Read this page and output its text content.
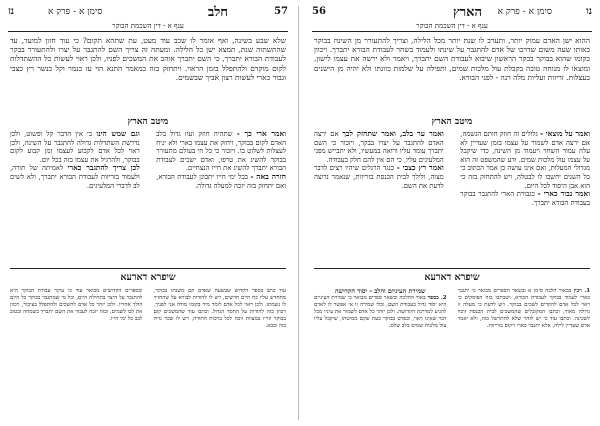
נו
הארץ סימן א - פרק א
56
ענף א - דין השכמת הבוקר
ההוא ישן האדם עמוק יותר, ותערב לו שנת יותר מכל הלילה, וצריך להתעורר מן השינה בבוקר באותו שעה משום שדרכו של אדם להתגבר על שינתו ולעמוד בשחר לעבודת הבורא יתברך. ויכוון בקומו שהוא בבוקר בבקר הראשון שיבוא לעבודת השם יתברך, ויאמר ולא ירשה את עצמו לישון, ומוצאו לו מנוחה טובה בקבלת עול מלכות שמים, ותפילה על שלמות כוונתו ולא יהיה מן הישנים בעצלות. זריזות ועליות מלה רנה - לפני הבורא.
מיטב הארץ
ואמר על מוצאי - גלולים זה חוזק חותם הנשמה, אם ירצה אדם לשמור על עצמו בזמן שעדיין לא עלה עמוד השחר ויעמוד מן השינה, כדי שיקבל על עצמו עול מלכות שמים. ודע שהמשפט זה הוא מגדולי המעלות, ואם אינו עושה כן אמר הכתוב כי כל השנים יחשבו לו לבטלה, ויש להתחזק בזה כי הוא אבן היסוד לכל היום.
ואמר נבור כארי - כגבורת הארי להתגבר בבוקר בעבודת הבורא יתברך.
ואמר ער בלב, ואמר שתחזק לבך אם ירצה האדם להתגבר על יצרו בבקר, ויזכור כי השם יתברך עומד עליו ורואה במעשיו, ולא יתבייש מפני המלעיגים עליו, כי הם אין להם חלק בעבודה.
ואמר רץ כצבי - כנגד הרגלים שיהיו רצים לדבר מצוה, ולילך לבית הכנסת בזריזות, שנאמר נרוצה לדעת את השם.
שיפרא דארעא
1. ויבין בבאור הלכה סימן א ובשאר הספרים מבואר כי יתגבר כארי לעמוד בבוקר לעבודת הבורא, ושכתבו בזה הפוסקים כי ראוי לכל אדם להקדים לשכים בבוקר. ויש לדעת כי מעלה זו גדולה מאוד, וכתבו המקובלים שהמשכים לבית הכנסת זוכה לשכינה. וכתבו עוד כי יש לזהר שלא להתרשל בזה, ולא יאמר אדם שעדיין לילה, אלא יתגבר כארי ויקום בזריזות.
שמירת העיניים והלב - יסוד הקדושה
2. בספר באור ההלכה ובשאר ספרים מבואר כי שמירת העיניים היא יסוד גדול בעבודת השם, ובלי שמירה זו אי אפשר לו לאדם להגיע למדרגת הקדושה. ולכן יזהר כל אדם לשמור את עיניו מכל דבר שאינו ראוי, ובפרט בבוקר בעת שקם ממיטתו, שיקבל עליו עול מלכות שמים בלב שלם.
57
חלב
סימן א - פרק א
נז
ענף א - דין השכמת הבוקר
שלא שבע בשינה, ואף אומר לו שכב עוד מעט, עת שתהא תקום? כי עוד חזון למועד, עד שהתשתוה שנת, תמצא ישן כל הלילה. ומעתה זה צריך השם להתגבר על יצרו ולהתעורר בבקר לעבודת הבורא יתברך, כי השם יתברך אוהב את המשכים לפניו, ולכן ראוי לעשות כל ההשתדלות לקום מוקדם ולהתפלל בזמן הראוי. ויתחזק בזה כמאמר התנא הוי עז כנמר וקל כנשר רץ כצבי וגבור כארי לעשות רצון אביך שבשמים.
מיטב הארץ
ואמר ארי כך - שתהיה חוזק ועוז גדול בלב האדם לקום בבוקר, ויחזק את עצמו כארי ולא יניח לעצלות לשלוט בו. ויזכור כי כל חי בעולם מתעורר בבוקר להשיג את טרפו, ואדם ישכים לעבודת הבורא יתברך להשיג את חייו הנצחיים.
חזרה באה - בכל ימי חייו יתבונן לעבודת הבורא, ואם יתחזק בזה יזכה למעלה גדולה.
וגם שמש הינו כי אין הדבר קל ופשוט, ולכן נדרשת השתדלות גדולה להתגבר על השינה, ולכן ראוי לכל אדם לקבוע לעצמו זמן קבוע לקום בבוקר, ולהרגיל את עצמו בזה בכל יום.
לכן צריך להתגבר כארי לאמיתה של תורה, ולעמוד בזריזות לעבודת הבורא יתברך, ולא לשים לב לדברי המלעיגים.
שיפרא דארעא
עוד כתב בספר הקדוש שבשעה שאדם קם משנתו בבוקר, מתחדש עליו כח חיים חדשים, ויש לו להודות לבורא על שהחזיר לו נשמתו. ולכן ראוי לכל אדם לומר מיד בקומו מודה אני לפניך, ויכוון בזה להודות על החסד הגדול. וכתבו עוד שהמשכים קום בבוקר וזריז במצוות זוכה לכל ברכות התורה, ויש לו שכר גדול בזה ובבא.
ובספרים הקדושים מבואר עוד כי עיקר עבודת הבוקר היא להתגבר על היצר בתחילת היום, וכל מי שמתגבר בבוקר כל היום הולך אחריו. ולכן יזהר כל אדם להשכים ולהתפלל בציבור, ויכוון את לבו לשמים, ובזה יזכה לעבוד את השם יתברך בשמחה ובטוב לבב כל ימי חייו.
